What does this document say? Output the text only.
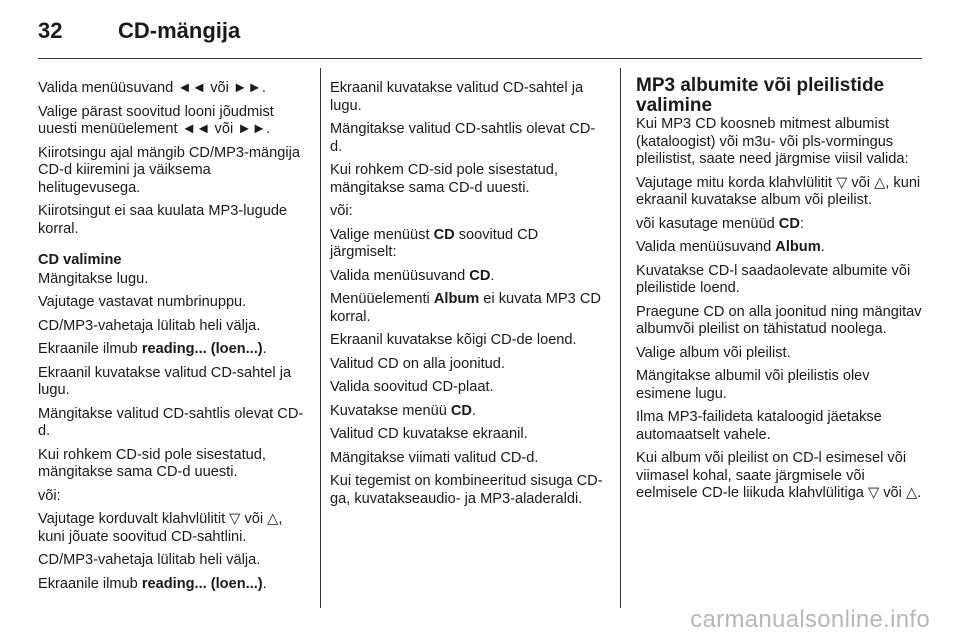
32	CD-mängija

Valida menüüsuvand ◄◄ või ►►.

Valige pärast soovitud looni jõudmist uuesti menüüelement ◄◄ või ►►.

Kiirotsingu ajal mängib CD/MP3-mängija CD-d kiiremini ja väiksema helitugevusega.

Kiirotsingut ei saa kuulata MP3-lugude korral.

CD valimine

Mängitakse lugu.

Vajutage vastavat numbrinuppu.

CD/MP3-vahetaja lülitab heli välja.

Ekraanile ilmub reading... (loen...).

Ekraanil kuvatakse valitud CD-sahtel ja lugu.

Mängitakse valitud CD-sahtlis olevat CD-d.

Kui rohkem CD-sid pole sisestatud, mängitakse sama CD-d uuesti.

või:

Vajutage korduvalt klahvlülitit ▽ või △, kuni jõuate soovitud CD-sahtlini.

CD/MP3-vahetaja lülitab heli välja.

Ekraanile ilmub reading... (loen...).

Ekraanil kuvatakse valitud CD-sahtel ja lugu.

Mängitakse valitud CD-sahtlis olevat CD-d.

Kui rohkem CD-sid pole sisestatud, mängitakse sama CD-d uuesti.

või:

Valige menüüst CD soovitud CD järgmiselt:

Valida menüüsuvand CD.

Menüüelementi Album ei kuvata MP3 CD korral.

Ekraanil kuvatakse kõigi CD-de loend.

Valitud CD on alla joonitud.

Valida soovitud CD-plaat.

Kuvatakse menüü CD.

Valitud CD kuvatakse ekraanil.

Mängitakse viimati valitud CD-d.

Kui tegemist on kombineeritud sisuga CD-ga, kuvatakseaudio- ja MP3-aladeraldi.

MP3 albumite või pleilistide valimine

Kui MP3 CD koosneb mitmest albumist (kataloogist) või m3u- või pls-vormingus pleilistist, saate need järgmise viisil valida:

Vajutage mitu korda klahvlülitit ▽ või △, kuni ekraanil kuvatakse album või pleilist.

või kasutage menüüd CD:

Valida menüüsuvand Album.

Kuvatakse CD-l saadaolevate albumite või pleilistide loend.

Praegune CD on alla joonitud ning mängitav albumvõi pleilist on tähistatud noolega.

Valige album või pleilist.

Mängitakse albumil või pleilistis olev esimene lugu.

Ilma MP3-failideta kataloogid jäetakse automaatselt vahele.

Kui album või pleilist on CD-l esimesel või viimasel kohal, saate järgmisele või eelmisele CD-le liikuda klahvlülitiga ▽ või △.

carmanualsonline.info
